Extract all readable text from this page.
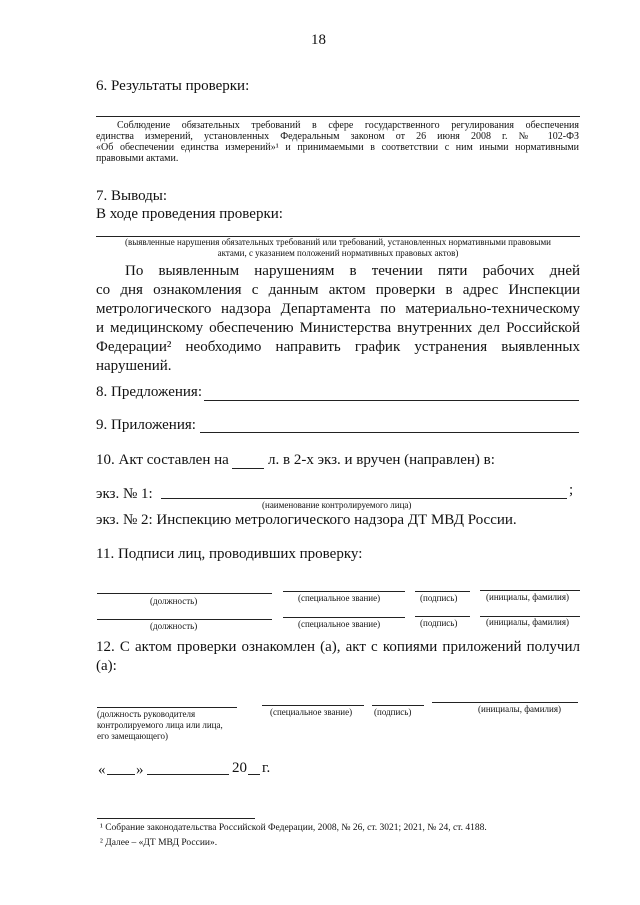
18
6. Результаты проверки:
Соблюдение обязательных требований в сфере государственного регулирования обеспечения
единства измерений, установленных Федеральным законом от 26 июня 2008 г. № 102-ФЗ
«Об обеспечении единства измерений»¹ и принимаемыми в соответствии с ним иными нормативными
правовыми актами.
7. Выводы:
В ходе проведения проверки:
(выявленные нарушения обязательных требований или требований, установленных нормативными правовыми
актами, с указанием положений нормативных правовых актов)
По выявленным нарушениям в течении пяти рабочих дней
со дня ознакомления с данным актом проверки в адрес Инспекции
метрологического надзора Департамента по материально-техническому
и медицинскому обеспечению Министерства внутренних дел Российской
Федерации² необходимо направить график устранения выявленных
нарушений.
8. Предложения:
9. Приложения:
10. Акт составлен на	л. в 2-х экз. и вручен (направлен) в:
экз. № 1:	;
(наименование контролируемого лица)
экз. № 2: Инспекцию метрологического надзора ДТ МВД России.
11. Подписи лиц, проводивших проверку:
(должность)	(специальное звание)	(подпись)	(инициалы, фамилия)
(должность)	(специальное звание)	(подпись)	(инициалы, фамилия)
12. С актом проверки ознакомлен (а), акт с копиями приложений получил
(а):
(должность руководителя
контролируемого лица или лица,
его замещающего)
(специальное звание) (подпись)	(инициалы, фамилия)
« »	20 г.
¹ Собрание законодательства Российской Федерации, 2008, № 26, ст. 3021; 2021, № 24, ст. 4188.
² Далее – «ДТ МВД России».
